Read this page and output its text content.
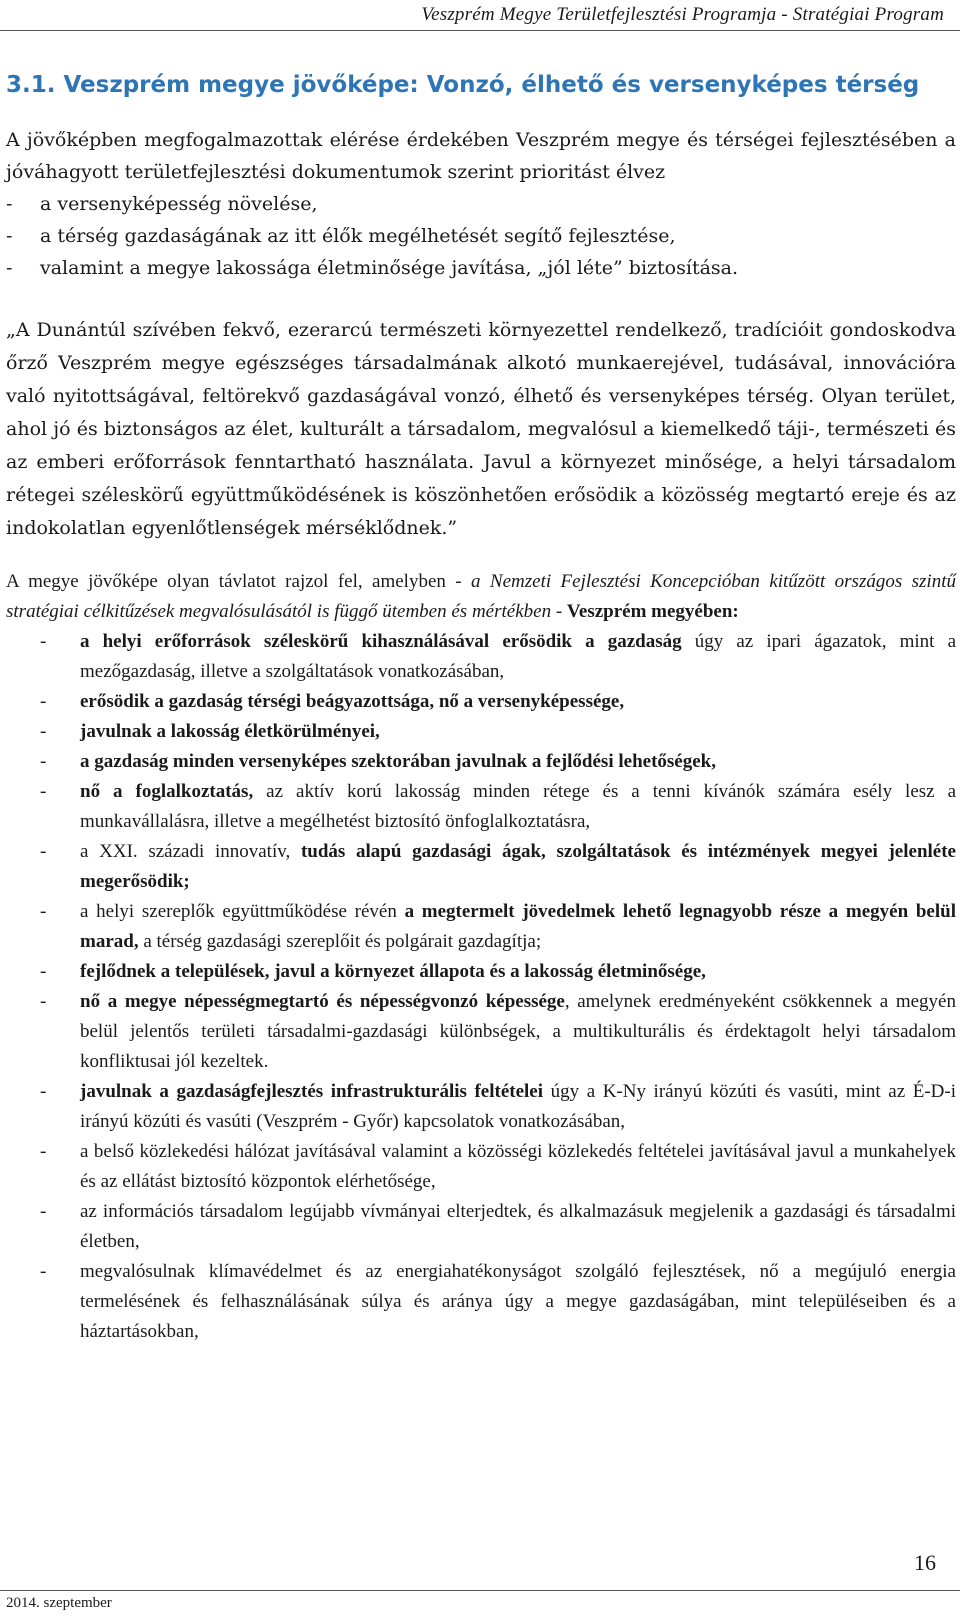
Veszprém Megye Területfejlesztési Programja - Stratégiai Program
3.1. Veszprém megye jövőképe: Vonzó, élhető és versenyképes térség

A jövőképben megfogalmazottak elérése érdekében Veszprém megye és térségei fejlesztésében a jóváhagyott területfejlesztési dokumentumok szerint prioritást élvez

- a versenyképesség növelése,
- a térség gazdaságának az itt élők megélhetését segítő fejlesztése,
- valamint a megye lakossága életminősége javítása, „jól léte” biztosítása.

„A Dunántúl szívében fekvő, ezerarcú természeti környezettel rendelkező, tradícióit gondoskodva őrző Veszprém megye egészséges társadalmának alkotó munkaerejével, tudásával, innovációra való nyitottságával, feltörekvő gazdaságával vonzó, élhető és versenyképes térség. Olyan terület, ahol jó és biztonságos az élet, kulturált a társadalom, megvalósul a kiemelkedő táji-, természeti és az emberi erőforrások fenntartható használata. Javul a környezet minősége, a helyi társadalom rétegei széleskörű együttműködésének is köszönhetően erősödik a közösség megtartó ereje és az indokolatlan egyenlőtlenségek mérséklődnek.”

A megye jövőképe olyan távlatot rajzol fel, amelyben - a Nemzeti Fejlesztési Koncepcióban kitűzött országos szintű stratégiai célkitűzések megvalósulásától is függő ütemben és mértékben - Veszprém megyében:

- a helyi erőforrások széleskörű kihasználásával erősödik a gazdaság úgy az ipari ágazatok, mint a mezőgazdaság, illetve a szolgáltatások vonatkozásában,
- erősödik a gazdaság térségi beágyazottsága, nő a versenyképessége,
- javulnak a lakosság életkörülményei,
- a gazdaság minden versenyképes szektorában javulnak a fejlődési lehetőségek,
- nő a foglalkoztatás, az aktív korú lakosság minden rétege és a tenni kívánók számára esély lesz a munkavállalásra, illetve a megélhetést biztosító önfoglalkoztatásra,
- a XXI. századi innovatív, tudás alapú gazdasági ágak, szolgáltatások és intézmények megyei jelenléte megerősödik;
- a helyi szereplők együttműködése révén a megtermelt jövedelmek lehető legnagyobb része a megyén belül marad, a térség gazdasági szereplőit és polgárait gazdagítja;
- fejlődnek a települések, javul a környezet állapota és a lakosság életminősége,
- nő a megye népességmegtartó és népességvonzó képessége, amelynek eredményeként csökkennek a megyén belül jelentős területi társadalmi-gazdasági különbségek, a multikulturális és érdektagolt helyi társadalom konfliktusai jól kezeltek.
- javulnak a gazdaságfejlesztés infrastrukturális feltételei úgy a K-Ny irányú közúti és vasúti, mint az É-D-i irányú közúti és vasúti (Veszprém - Győr) kapcsolatok vonatkozásában,
- a belső közlekedési hálózat javításával valamint a közösségi közlekedés feltételei javításával javul a munkahelyek és az ellátást biztosító központok elérhetősége,
- az információs társadalom legújabb vívmányai elterjedtek, és alkalmazásuk megjelenik a gazdasági és társadalmi életben,
- megvalósulnak klímavédelmet és az energiahatékonyságot szolgáló fejlesztések, nő a megújuló energia termelésének és felhasználásának súlya és aránya úgy a megye gazdaságában, mint településeiben és a háztartásokban,
16
2014. szeptember
